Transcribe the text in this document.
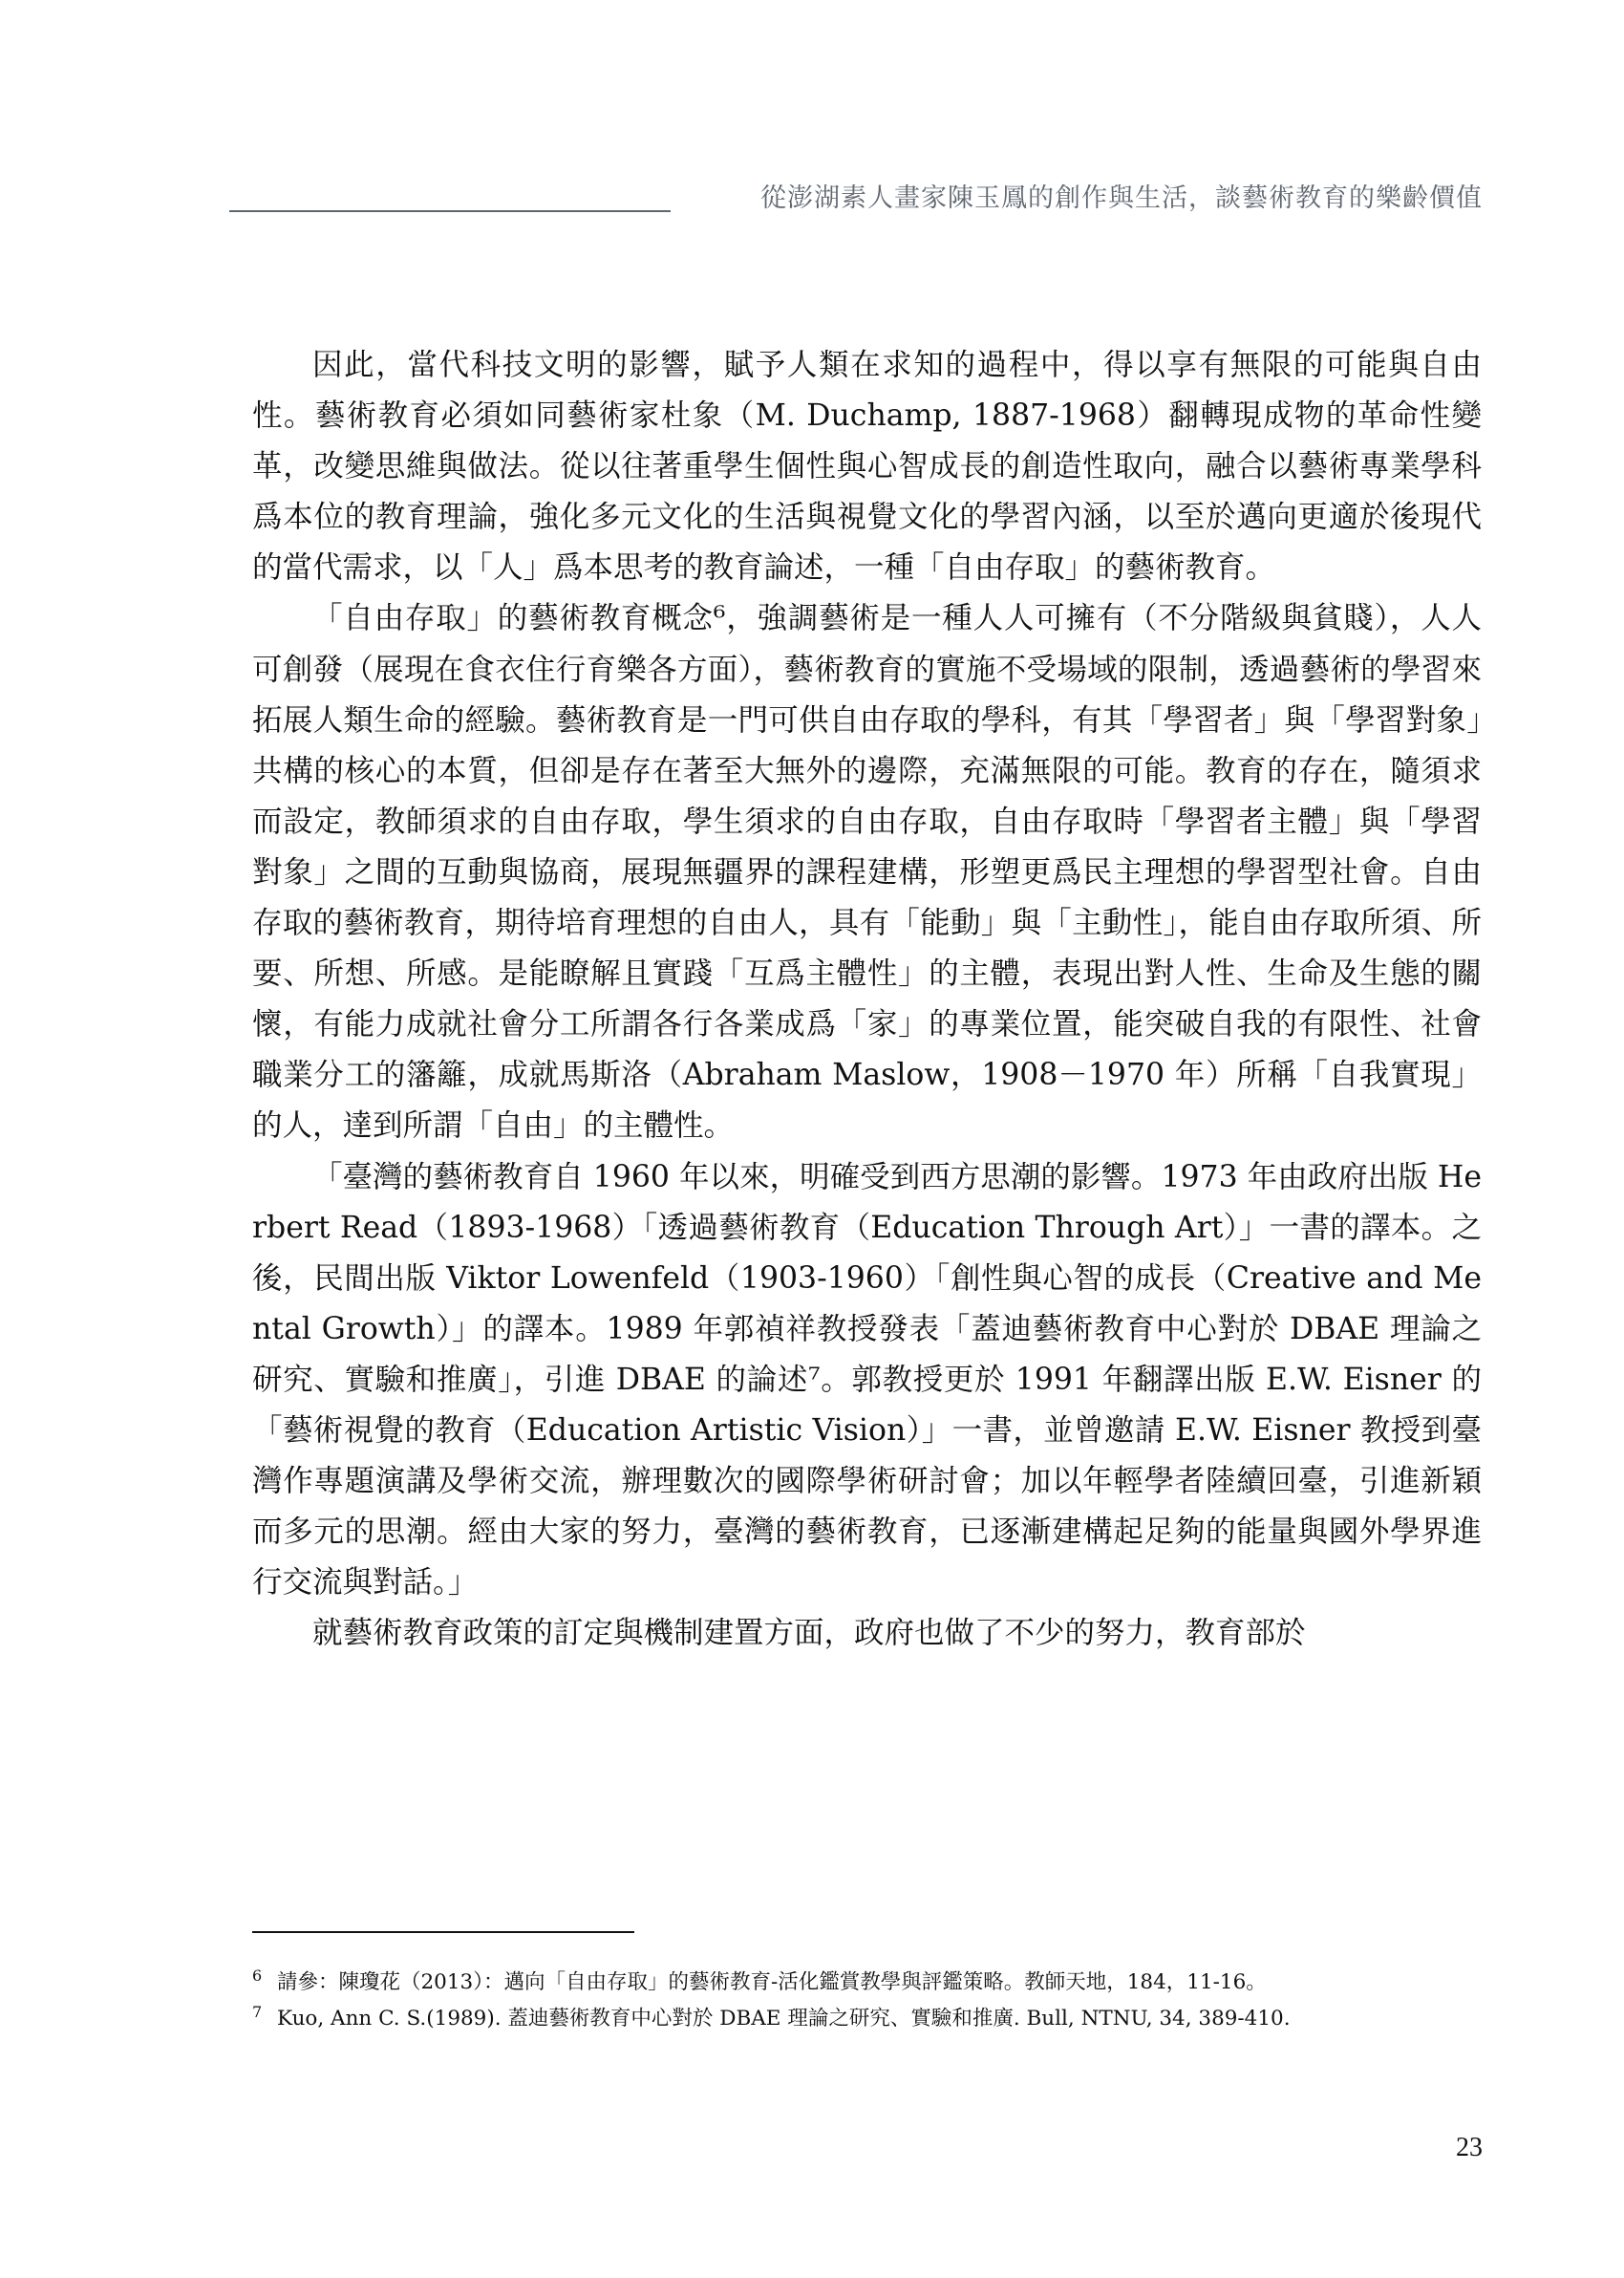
從澎湖素人畫家陳玉鳳的創作與生活，談藝術教育的樂齡價值

因此，當代科技文明的影響，賦予人類在求知的過程中，得以享有無限的可能與自由性。藝術教育必須如同藝術家杜象（M. Duchamp, 1887-1968）翻轉現成物的革命性變革，改變思維與做法。從以往著重學生個性與心智成長的創造性取向，融合以藝術專業學科爲本位的教育理論，強化多元文化的生活與視覺文化的學習內涵，以至於邁向更適於後現代的當代需求，以「人」爲本思考的教育論述，一種「自由存取」的藝術教育。

「自由存取」的藝術教育概念⁶，強調藝術是一種人人可擁有（不分階級與貧賤），人人可創發（展現在食衣住行育樂各方面），藝術教育的實施不受場域的限制，透過藝術的學習來拓展人類生命的經驗。藝術教育是一門可供自由存取的學科，有其「學習者」與「學習對象」共構的核心的本質，但卻是存在著至大無外的邊際，充滿無限的可能。教育的存在，隨須求而設定，教師須求的自由存取，學生須求的自由存取，自由存取時「學習者主體」與「學習對象」之間的互動與協商，展現無疆界的課程建構，形塑更爲民主理想的學習型社會。自由存取的藝術教育，期待培育理想的自由人，具有「能動」與「主動性」，能自由存取所須、所要、所想、所感。是能瞭解且實踐「互爲主體性」的主體，表現出對人性、生命及生態的關懷，有能力成就社會分工所謂各行各業成爲「家」的專業位置，能突破自我的有限性、社會職業分工的籓籬，成就馬斯洛（Abraham Maslow，1908－1970 年）所稱「自我實現」的人，達到所謂「自由」的主體性。

「臺灣的藝術教育自 1960 年以來，明確受到西方思潮的影響。1973 年由政府出版 Herbert Read（1893-1968）「透過藝術教育（Education Through Art）」一書的譯本。之後，民間出版 Viktor Lowenfeld（1903-1960）「創性與心智的成長（Creative and Mental Growth）」的譯本。1989 年郭禎祥教授發表「蓋迪藝術教育中心對於 DBAE 理論之研究、實驗和推廣」，引進 DBAE 的論述⁷。郭教授更於 1991 年翻譯出版 E.W. Eisner 的「藝術視覺的教育（Education Artistic Vision）」一書，並曾邀請 E.W. Eisner 教授到臺灣作專題演講及學術交流，辦理數次的國際學術研討會；加以年輕學者陸續回臺，引進新穎而多元的思潮。經由大家的努力，臺灣的藝術教育，已逐漸建構起足夠的能量與國外學界進行交流與對話。」

就藝術教育政策的訂定與機制建置方面，政府也做了不少的努力，教育部於

6 請參：陳瓊花（2013）：邁向「自由存取」的藝術教育-活化鑑賞教學與評鑑策略。教師天地，184，11-16。

7 Kuo, Ann C. S.(1989). 蓋迪藝術教育中心對於 DBAE 理論之研究、實驗和推廣. Bull, NTNU, 34, 389-410.

23
